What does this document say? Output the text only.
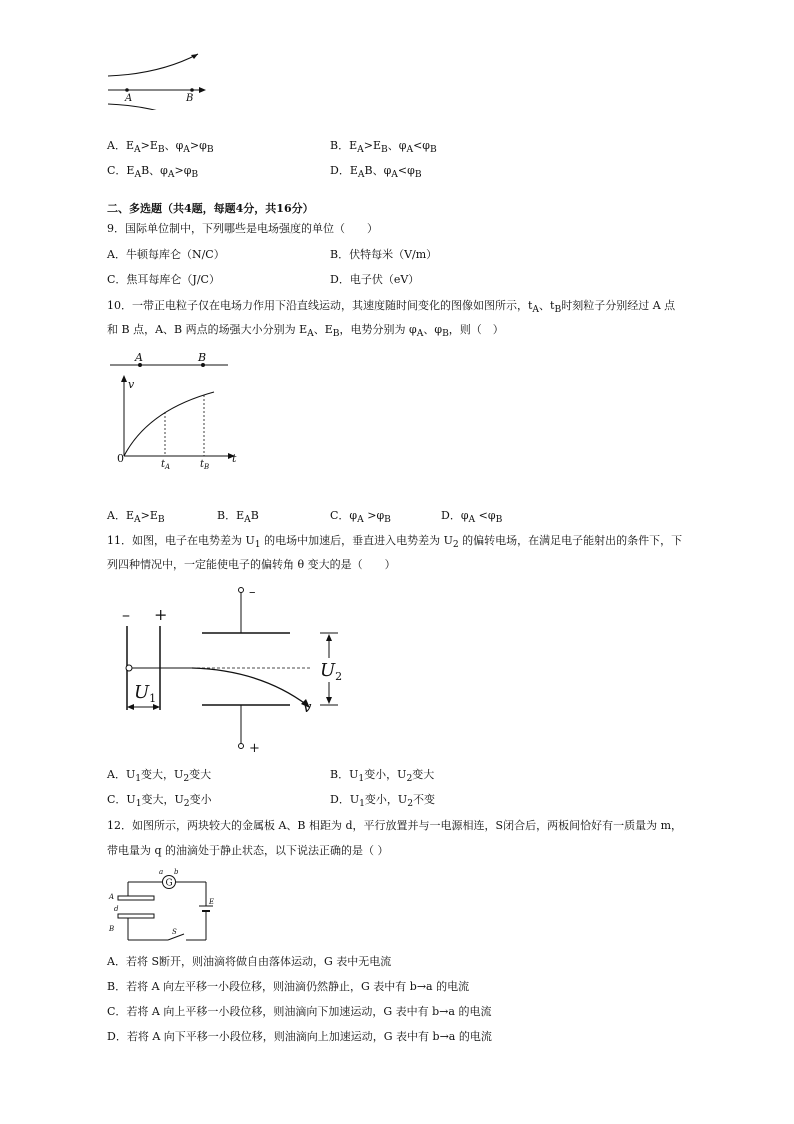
A	B
A．$E_A>E_B$、$\varphi_A>\varphi_B$	B．$E_A>E_B$、$\varphi_A<\varphi_B$
C．$E_AB$、$\varphi_A>\varphi_B$	D．$E_AB$、$\varphi_A<\varphi_B$
二、多选题（共4题，每题4分，共16分）
9．国际单位制中，下列哪些是电场强度的单位（　　）
A．牛顿每库仑（N/C）	B．伏特每米（V/m）
C．焦耳每库仑（J/C）	D．电子伏（eV）
10．一带正电粒子仅在电场力作用下沿直线运动，其速度随时间变化的图像如图所示，$t_A$、$t_B$时刻粒子分别经过 A 点
和 B 点，A、B 两点的场强大小分别为 $E_A$、$E_B$，电势分别为 $\varphi_A$、$\varphi_B$，则（　）
A	B
v
t
0	$t_A$	$t_B$
A．$E_A>E_B$	B．$E_AB$	C．$\varphi_A >\varphi_B$	D．$\varphi_A <\varphi_B$
11．如图，电子在电势差为 $U_1$ 的电场中加速后，垂直进入电势差为 $U_2$ 的偏转电场，在满足电子能射出的条件下，下
列四种情况中，一定能使电子的偏转角 θ 变大的是（　　）
– +
–
+
v
$U_2$
$U_1$
A．$U_1$变大，$U_2$变大	B．$U_1$变小，$U_2$变大
C．$U_1$变大，$U_2$变小	D．$U_1$变小，$U_2$不变
12．如图所示，两块较大的金属板 A、B 相距为 d，平行放置并与一电源相连，S闭合后，两板间恰好有一质量为 m，
带电量为 q 的油滴处于静止状态，以下说法正确的是（ ）
G
a b
A
B
d
S
E
A．若将 S断开，则油滴将做自由落体运动，G 表中无电流
B．若将 A 向左平移一小段位移，则油滴仍然静止，G 表中有 b→a 的电流
C．若将 A 向上平移一小段位移，则油滴向下加速运动，G 表中有 b→a 的电流
D．若将 A 向下平移一小段位移，则油滴向上加速运动，G 表中有 b→a 的电流
